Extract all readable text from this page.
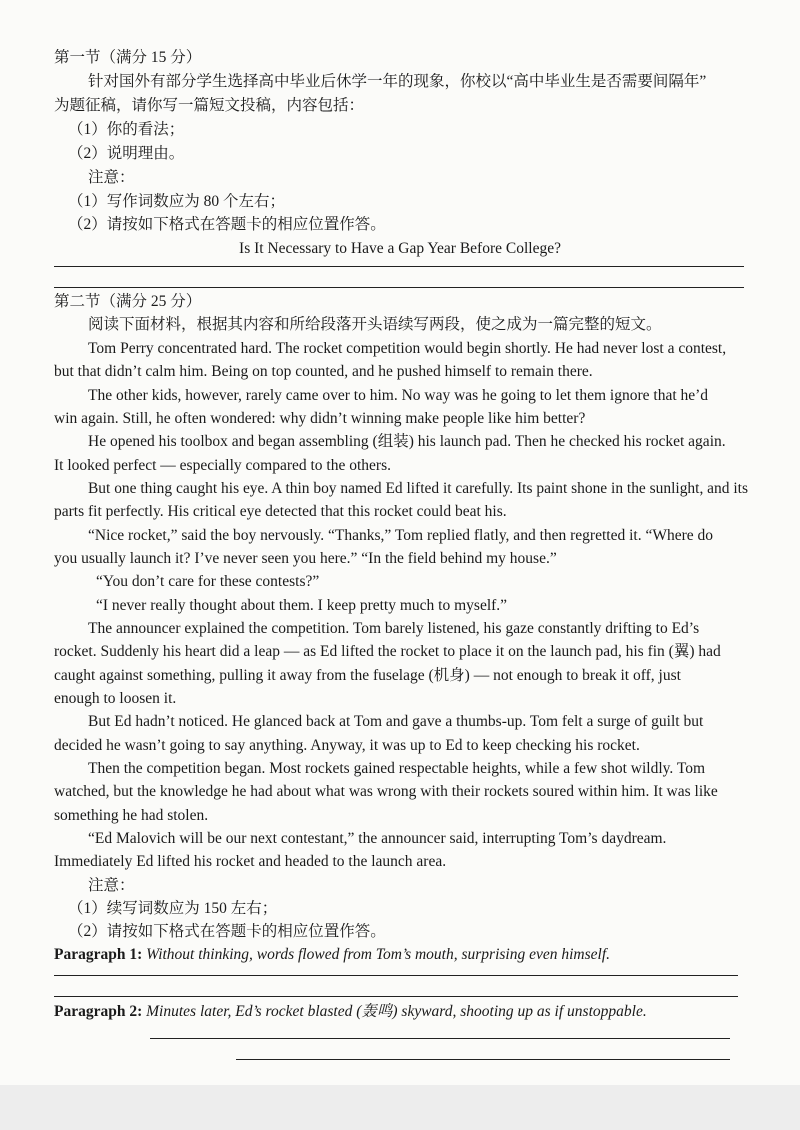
第一节（满分 15 分）
针对国外有部分学生选择高中毕业后休学一年的现象，你校以“高中毕业生是否需要间隔年”
为题征稿，请你写一篇短文投稿，内容包括：
（1）你的看法；
（2）说明理由。
注意：
（1）写作词数应为 80 个左右；
（2）请按如下格式在答题卡的相应位置作答。
Is It Necessary to Have a Gap Year Before College?
第二节（满分 25 分）
阅读下面材料，根据其内容和所给段落开头语续写两段，使之成为一篇完整的短文。
Tom Perry concentrated hard. The rocket competition would begin shortly. He had never lost a contest,
but that didn’t calm him. Being on top counted, and he pushed himself to remain there.
The other kids, however, rarely came over to him. No way was he going to let them ignore that he’d
win again. Still, he often wondered: why didn’t winning make people like him better?
He opened his toolbox and began assembling (组装) his launch pad. Then he checked his rocket again.
It looked perfect — especially compared to the others.
But one thing caught his eye. A thin boy named Ed lifted it carefully. Its paint shone in the sunlight, and its
parts fit perfectly. His critical eye detected that this rocket could beat his.
“Nice rocket,” said the boy nervously. “Thanks,” Tom replied flatly, and then regretted it. “Where do
you usually launch it? I’ve never seen you here.” “In the field behind my house.”
“You don’t care for these contests?”
“I never really thought about them. I keep pretty much to myself.”
The announcer explained the competition. Tom barely listened, his gaze constantly drifting to Ed’s
rocket. Suddenly his heart did a leap — as Ed lifted the rocket to place it on the launch pad, his fin (翼) had
caught against something, pulling it away from the fuselage (机身) — not enough to break it off, just
enough to loosen it.
But Ed hadn’t noticed. He glanced back at Tom and gave a thumbs-up. Tom felt a surge of guilt but
decided he wasn’t going to say anything. Anyway, it was up to Ed to keep checking his rocket.
Then the competition began. Most rockets gained respectable heights, while a few shot wildly. Tom
watched, but the knowledge he had about what was wrong with their rockets soured within him. It was like
something he had stolen.
“Ed Malovich will be our next contestant,” the announcer said, interrupting Tom’s daydream.
Immediately Ed lifted his rocket and headed to the launch area.
注意：
（1）续写词数应为 150 左右；
（2）请按如下格式在答题卡的相应位置作答。
Paragraph 1: Without thinking, words flowed from Tom’s mouth, surprising even himself.
Paragraph 2: Minutes later, Ed’s rocket blasted (轰鸣) skyward, shooting up as if unstoppable.
